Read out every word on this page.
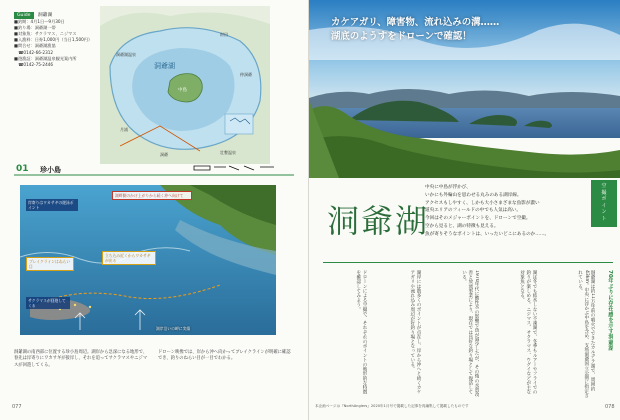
Guide 洞爺湖
■釣期：4月1日〜9月30日
■釣り場：洞爺湖一帯
■対象魚：サクラマス、ニジマス
■入漁料：日券1,000円（当日1,500円）
■問合せ：洞爺湖漁協
　☎0142-66-2312
■遊漁証：洞爺湖温泉観光案内所
　☎0142-75-2446	洞爺湖
中島
洞爺湖温泉
財田
月浦
仲洞爺
壮瞥温泉
洞爺
01 珍小島
岸寄りはワカサギの遊泳ポイント
湖畔側のかけ上がりから続く沖へ向けて
ブレイクラインはねらい目
立ち込み近くからワカサギが出る
サクラマスが回遊してくる
湖岸沿いの岬に実績
洞爺湖の南西部に位置する珍小島周辺。湖岸から急深になる地形で、春先は岸寄りにワカサギが接岸し、それを追ってサクラマスやニジマスが回遊してくる。
ドローン映像では、岸から沖へ向かってブレイクラインが明確に確認でき、釣りのねらい目が一目でわかる。
077
カケアガリ、障害物、流れ込みの溝……
湖底のようすをドローンで確認！
洞爺湖
中央に中島が浮かび、
いかにも外輪山を思わせる丸みのある湖岸線。
アクセスもしやすく、しかも大小さまざまな魚影が濃い
道央エリアのフィールドの中でも人気は高い。
今回はそのメジャーポイントを、ドローンで空撮。
空から見ると、湖の特徴も見える。
魚が寄りそうなポイントは、いったいどこにあるのか……。
空
撮
ポ
イ
ン
ト
70年ぶりに存在感を示す洞爺湖
洞爺湖は約11万年前の噴火でできたカルデラ湖で、周囲約43km。中央に浮かぶ中島を含め、支笏洞爺国立公園に指定されている。
湖は冬でも結氷しない不凍湖で、冬季もルアーやフライでの釣りが楽しめる。ニジマス、サクラマス、ウグイなどが主な対象魚となる。
1970年代に酸性水の影響で魚が減少したが、その後の水質改善と放流事業により、現在では良好な釣り場として復活している。
湖岸には数多くのポイントが点在し、岸から沖へと続くカケアガリや流れ込み周辺が好釣り場となっている。
ドローンによる空撮で、それぞれのポイントの地形的な特徴を確認してみよう。
本企画ページは『NorthAnglers』2020年1月号で掲載した記事を再編集して掲載したものです	078
